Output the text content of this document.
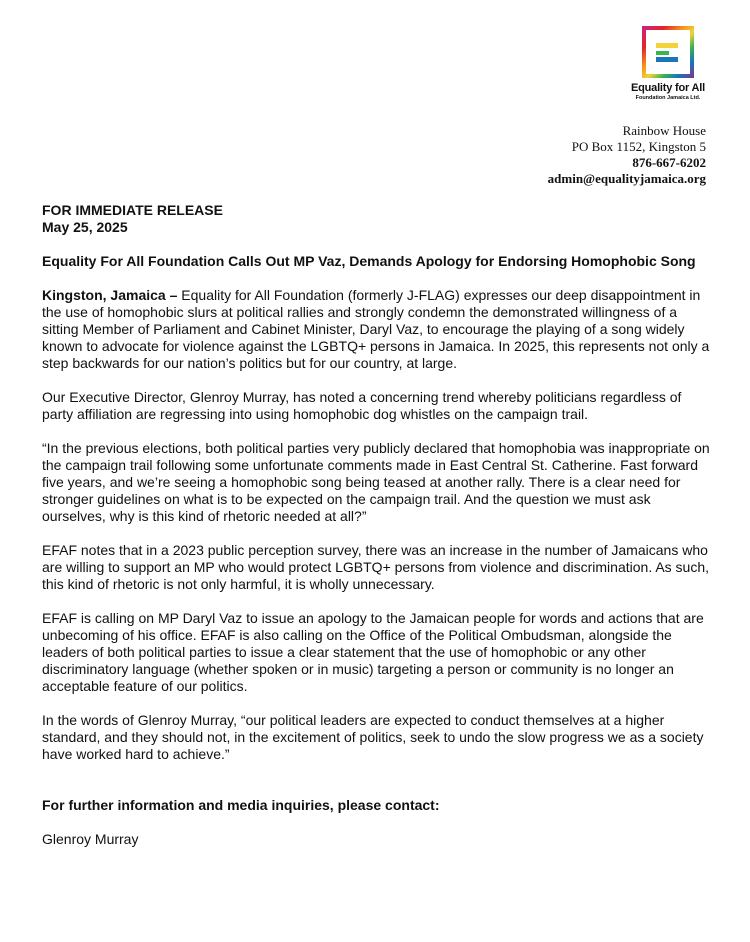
Equality for All
Foundation Jamaica Ltd.
Rainbow House
PO Box 1152, Kingston 5
876-667-6202
admin@equalityjamaica.org
FOR IMMEDIATE RELEASE
May 25, 2025
Equality For All Foundation Calls Out MP Vaz, Demands Apology for Endorsing Homophobic Song

Kingston, Jamaica – Equality for All Foundation (formerly J-FLAG) expresses our deep disappointment in the use of homophobic slurs at political rallies and strongly condemn the demonstrated willingness of a sitting Member of Parliament and Cabinet Minister, Daryl Vaz, to encourage the playing of a song widely known to advocate for violence against the LGBTQ+ persons in Jamaica. In 2025, this represents not only a step backwards for our nation’s politics but for our country, at large.

Our Executive Director, Glenroy Murray, has noted a concerning trend whereby politicians regardless of party affiliation are regressing into using homophobic dog whistles on the campaign trail.

“In the previous elections, both political parties very publicly declared that homophobia was inappropriate on the campaign trail following some unfortunate comments made in East Central St. Catherine. Fast forward five years, and we’re seeing a homophobic song being teased at another rally. There is a clear need for stronger guidelines on what is to be expected on the campaign trail. And the question we must ask ourselves, why is this kind of rhetoric needed at all?”

EFAF notes that in a 2023 public perception survey, there was an increase in the number of Jamaicans who are willing to support an MP who would protect LGBTQ+ persons from violence and discrimination. As such, this kind of rhetoric is not only harmful, it is wholly unnecessary.

EFAF is calling on MP Daryl Vaz to issue an apology to the Jamaican people for words and actions that are unbecoming of his office. EFAF is also calling on the Office of the Political Ombudsman, alongside the leaders of both political parties to issue a clear statement that the use of homophobic or any other discriminatory language (whether spoken or in music) targeting a person or community is no longer an acceptable feature of our politics.

In the words of Glenroy Murray, “our political leaders are expected to conduct themselves at a higher standard, and they should not, in the excitement of politics, seek to undo the slow progress we as a society have worked hard to achieve.”

For further information and media inquiries, please contact:
Glenroy Murray
